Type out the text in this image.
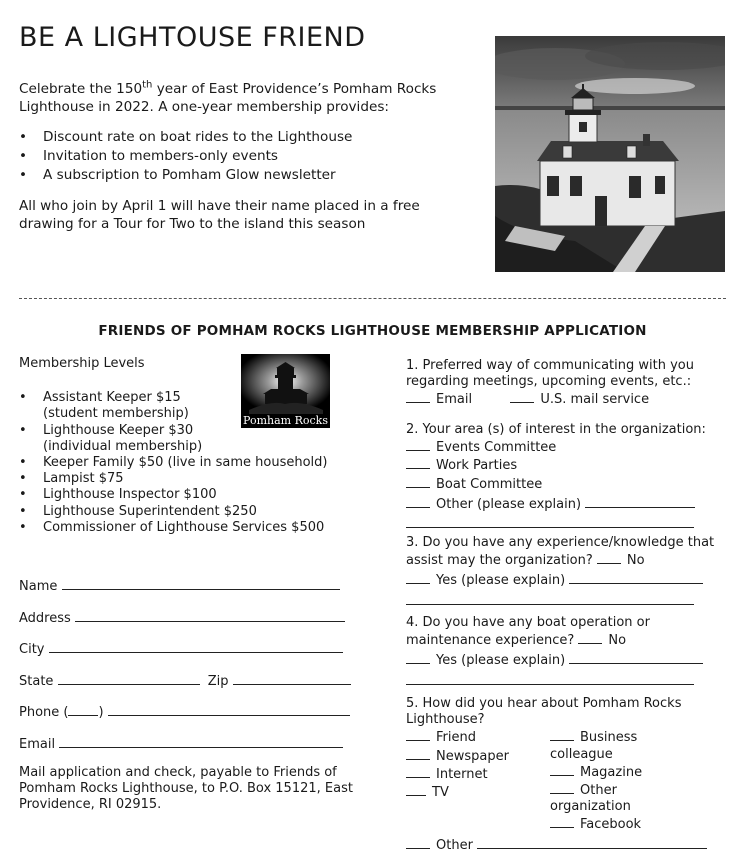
BE A LIGHTOUSE FRIEND

Celebrate the 150th year of East Providence’s Pomham Rocks Lighthouse in 2022. A one-year membership provides:

• Discount rate on boat rides to the Lighthouse
• Invitation to members-only events
• A subscription to Pomham Glow newsletter

All who join by April 1 will have their name placed in a free drawing for a Tour for Two to the island this season

FRIENDS OF POMHAM ROCKS LIGHTHOUSE MEMBERSHIP APPLICATION
Membership Levels
• Assistant Keeper $15
(student membership)
• Lighthouse Keeper $30
(individual membership)
• Keeper Family $50 (live in same household)
• Lampist $75
• Lighthouse Inspector $100
• Lighthouse Superintendent $250
• Commissioner of Lighthouse Services $500
Pomham Rocks
Name
Address
City
State	Zip
Phone ( )
Email
Mail application and check, payable to Friends of Pomham Rocks Lighthouse, to P.O. Box 15121, East Providence, RI 02915.
1. Preferred way of communicating with you regarding meetings, upcoming events, etc.:
Email	U.S. mail service
2. Your area (s) of interest in the organization:
Events Committee
Work Parties
Boat Committee
Other (please explain)
3. Do you have any experience/knowledge that assist may the organization?	No
Yes (please explain)
4. Do you have any boat operation or maintenance experience?	No
Yes (please explain)
5. How did you hear about Pomham Rocks Lighthouse?
Friend
Newspaper
Internet
TV
Business colleague
Magazine
Other organization
Facebook
Other
